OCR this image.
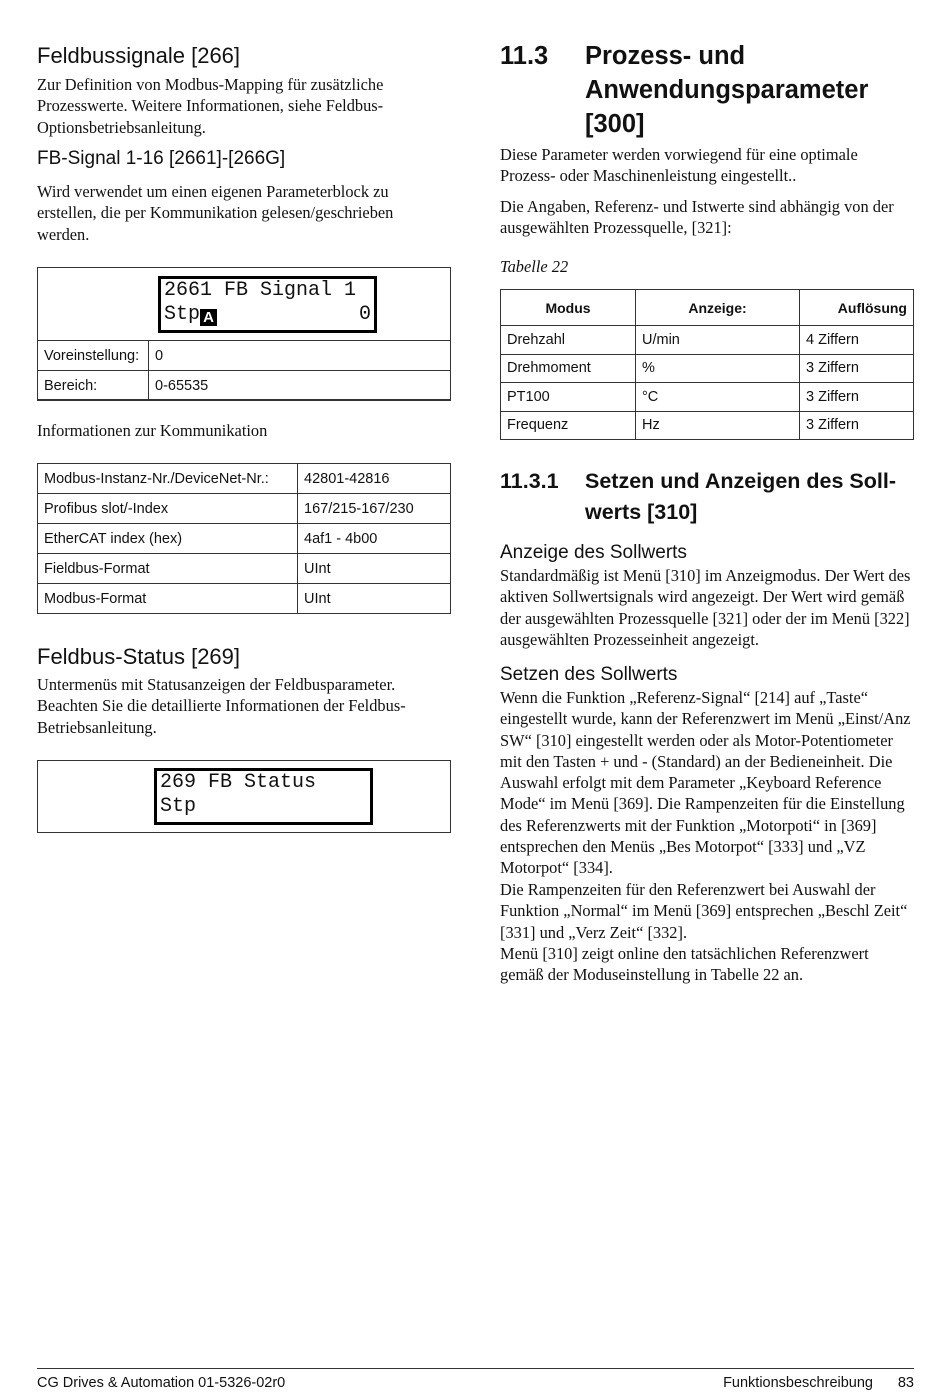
Feldbussignale [266]

Zur Definition von Modbus-Mapping für zusätzliche Prozesswerte. Weitere Informationen, siehe Feldbus-Optionsbetriebsanleitung.

FB-Signal 1-16 [2661]-[266G]

Wird verwendet um einen eigenen Parameterblock zu erstellen, die per Kommunikation gelesen/geschrieben werden.

2661 FB Signal 1
Stp A	0
Voreinstellung:	0
Bereich:	0-65535

Informationen zur Kommunikation

Modbus-Instanz-Nr./DeviceNet-Nr.:	42801-42816
Profibus slot/-Index	167/215-167/230
EtherCAT index (hex)	4af1 - 4b00
Fieldbus-Format	UInt
Modbus-Format	UInt
Feldbus-Status [269]

Untermenüs mit Statusanzeigen der Feldbusparameter. Beachten Sie die detaillierte Informationen der Feldbus-Betriebsanleitung.

269 FB Status
Stp
11.3 Prozess- und
Anwendungsparameter
[300]

Diese Parameter werden vorwiegend für eine optimale Prozess- oder Maschinenleistung eingestellt..

Die Angaben, Referenz- und Istwerte sind abhängig von der ausgewählten Prozessquelle, [321]:

Tabelle 22

Modus	Anzeige:	Auflösung
Drehzahl	U/min	4 Ziffern
Drehmoment	%	3 Ziffern
PT100	°C	3 Ziffern
Frequenz	Hz	3 Ziffern
11.3.1 Setzen und Anzeigen des Soll-
werts [310]
Anzeige des Sollwerts

Standardmäßig ist Menü [310] im Anzeigmodus. Der Wert des aktiven Sollwertsignals wird angezeigt. Der Wert wird gemäß der ausgewählten Prozessquelle [321] oder der im Menü [322] ausgewählten Prozesseinheit angezeigt.

Setzen des Sollwerts

Wenn die Funktion „Referenz-Signal“ [214] auf „Taste“ eingestellt wurde, kann der Referenzwert im Menü „Einst/Anz SW“ [310] eingestellt werden oder als Motor-Potentiometer mit den Tasten + und - (Standard) an der Bedieneinheit. Die Auswahl erfolgt mit dem Parameter „Keyboard Reference Mode“ im Menü [369]. Die Rampenzeiten für die Einstellung des Referenzwerts mit der Funktion „Motorpoti“ in [369] entsprechen den Menüs „Bes Motorpot“ [333] und „VZ Motorpot“ [334].

Die Rampenzeiten für den Referenzwert bei Auswahl der Funktion „Normal“ im Menü [369] entsprechen „Beschl Zeit“ [331] und „Verz Zeit“ [332].

Menü [310] zeigt online den tatsächlichen Referenzwert gemäß der Moduseinstellung in Tabelle 22 an.

CG Drives & Automation 01-5326-02r0	Funktionsbeschreibung 83
